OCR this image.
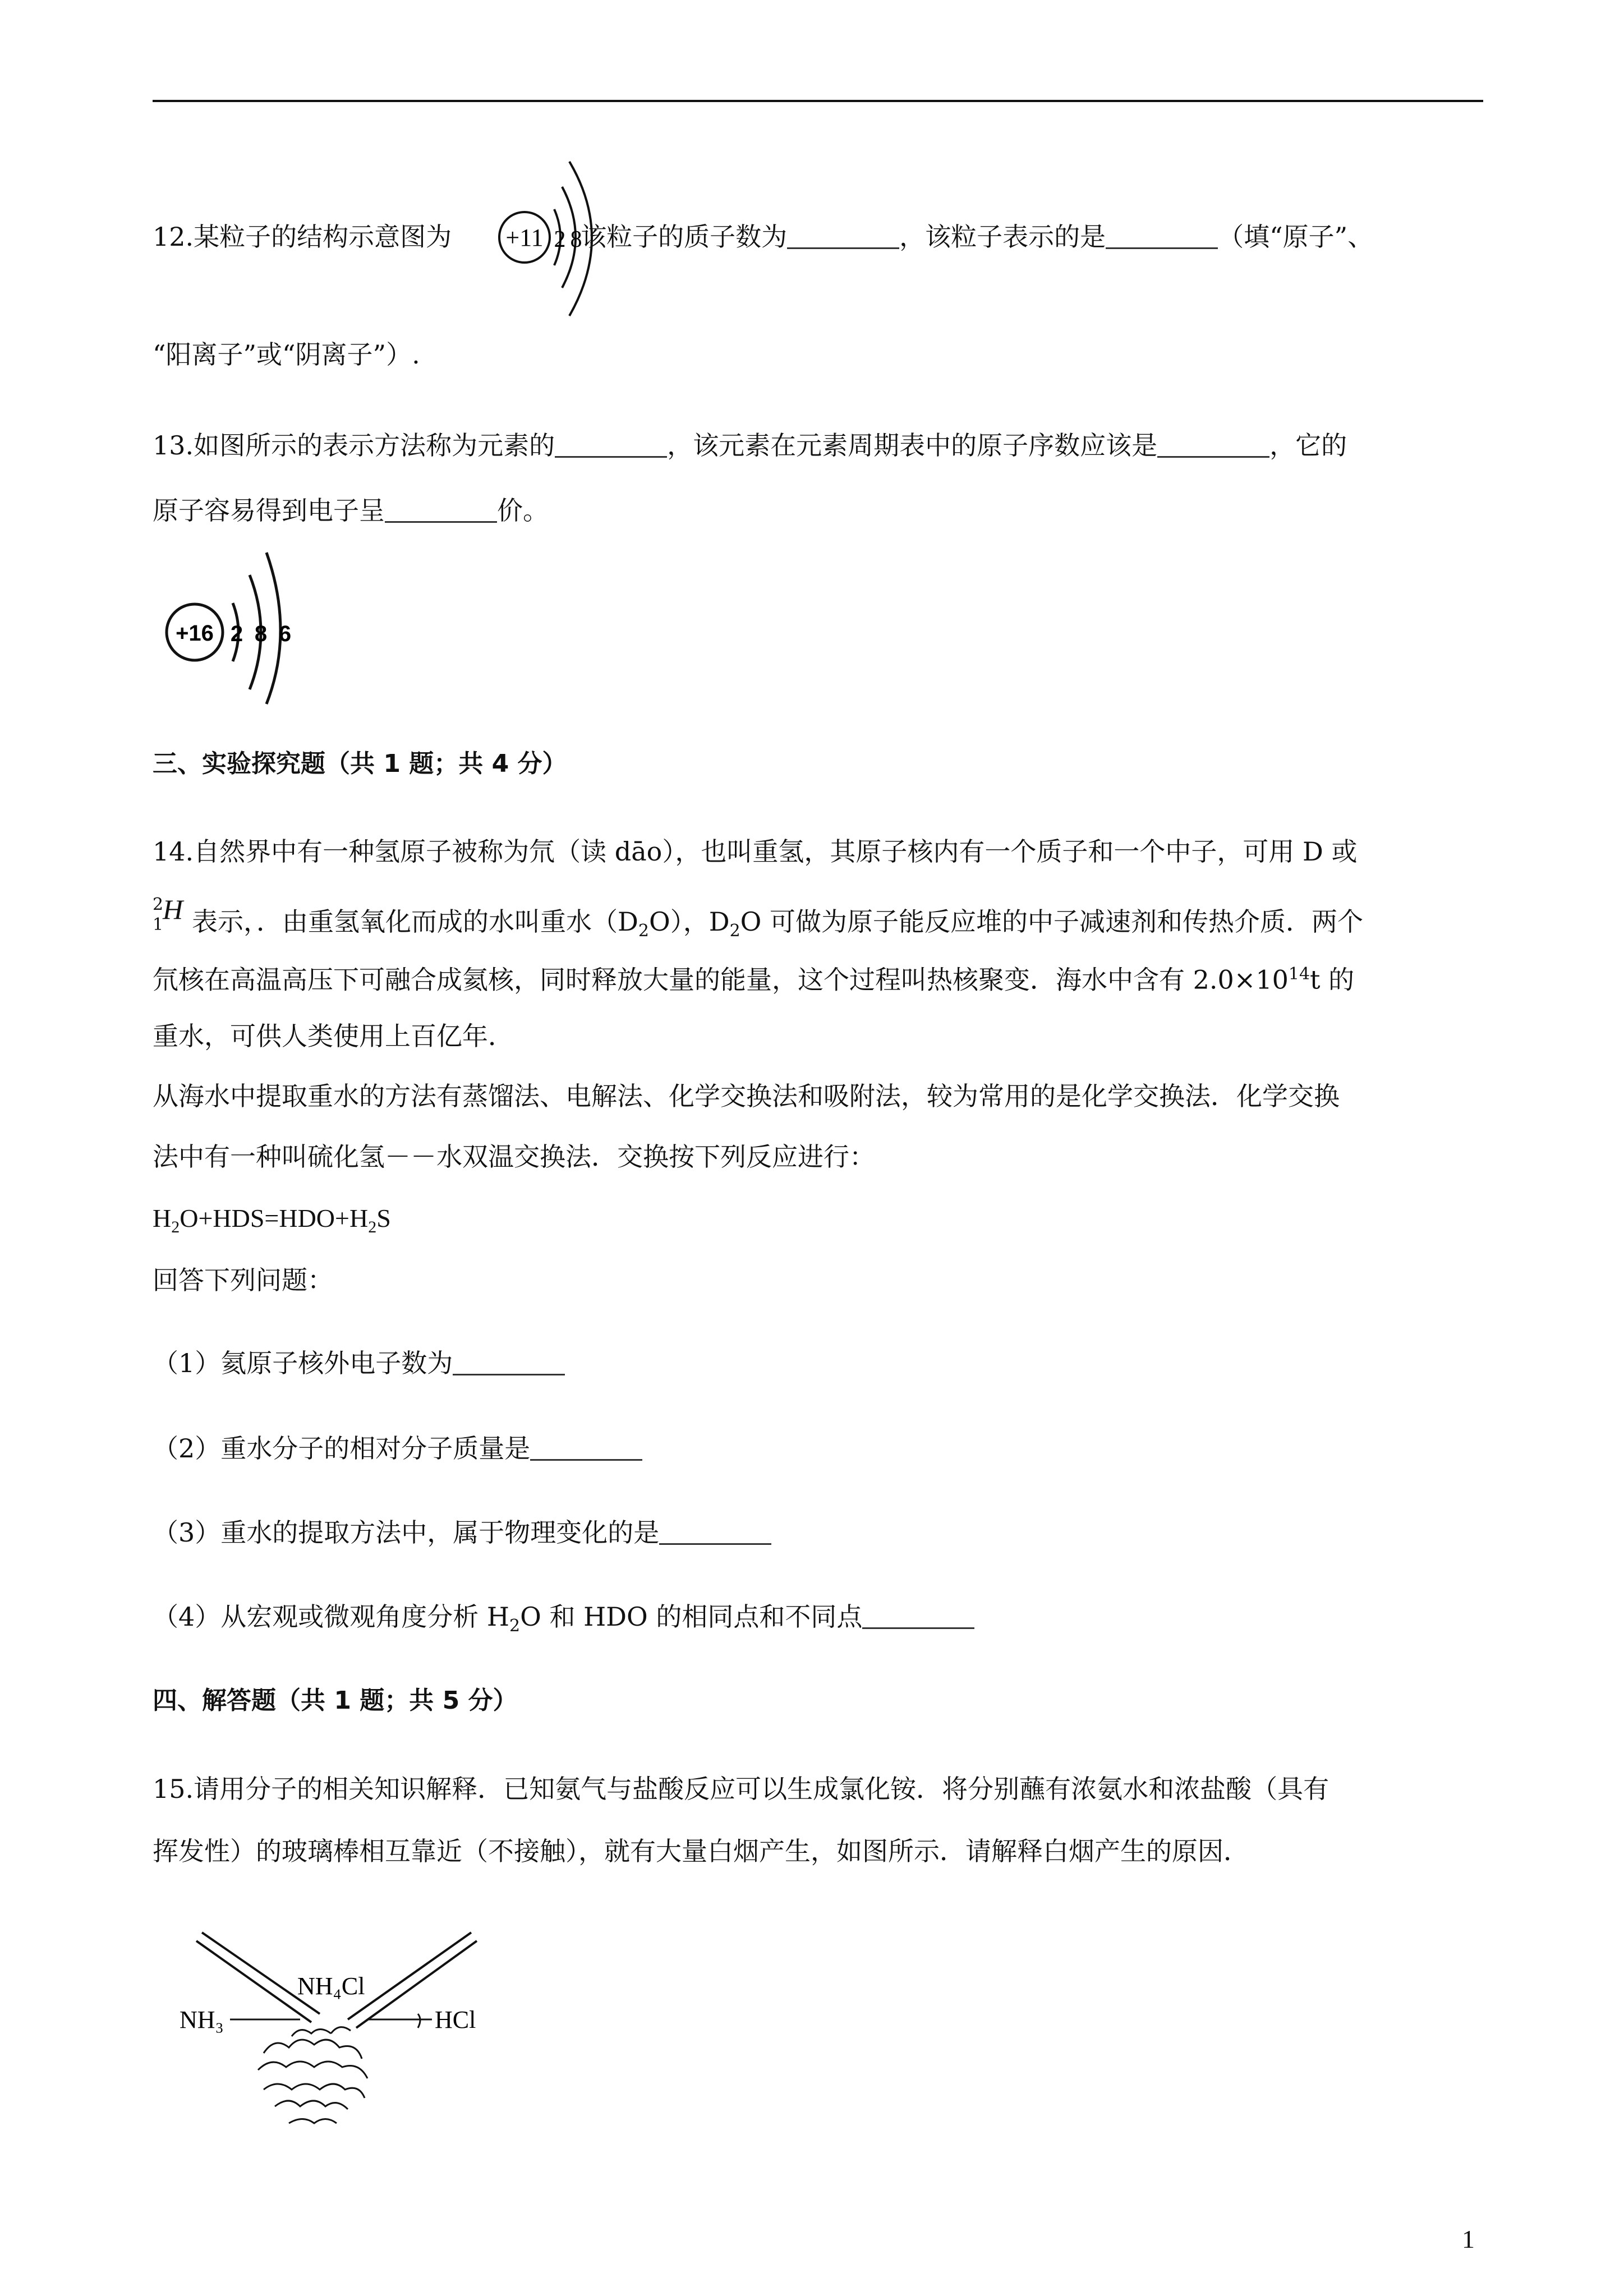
12.某粒子的结构示意图为	该粒子的质子数为	，该粒子表示的是	（填“原子”、
+11 2 8
“阳离子”或“阴离子”）.
13.如图所示的表示方法称为元素的	，该元素在元素周期表中的原子序数应该是	，它的
原子容易得到电子呈	价。
+16 2 8 6
三、实验探究题（共 1 题；共 4 分）
14.自然界中有一种氢原子被称为氘（读 dāo），也叫重氢，其原子核内有一个质子和一个中子，可用 D 或
2
1
H 表示，．由重氢氧化而成的水叫重水$(D_2O)$，$D_2O$ 可做为原子能反应堆的中子减速剂和传热介质．两个
氘核在高温高压下可融合成氦核，同时释放大量的能量，这个过程叫热核聚变．海水中含有 $2.0\times 10^{14}t$ 的
重水，可供人类使用上百亿年．
从海水中提取重水的方法有蒸馏法、电解法、化学交换法和吸附法，较为常用的是化学交换法．化学交换
法中有一种叫硫化氢－－水双温交换法．交换按下列反应进行：
$H_2O+HDS=HDO+H_2S$
回答下列问题：
（1）氦原子核外电子数为
（2）重水分子的相对分子质量是
（3）重水的提取方法中，属于物理变化的是
（4）从宏观或微观角度分析 $H_2O$ 和 HDO 的相同点和不同点
四、解答题（共 1 题；共 5 分）
15.请用分子的相关知识解释．已知氨气与盐酸反应可以生成氯化铵．将分别蘸有浓氨水和浓盐酸（具有
挥发性）的玻璃棒相互靠近（不接触），就有大量白烟产生，如图所示．请解释白烟产生的原因．
NH₃
NH₄Cl
HCl
1
